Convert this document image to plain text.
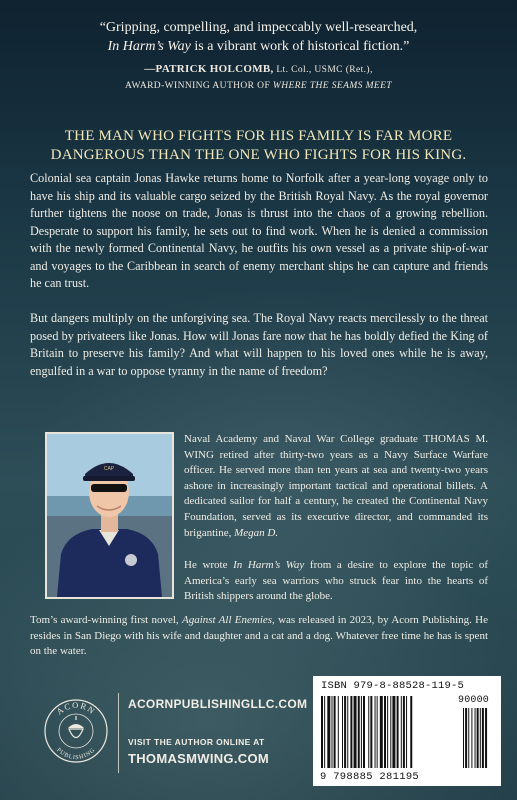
“Gripping, compelling, and impeccably well-researched,
In Harm’s Way is a vibrant work of historical fiction.”
—PATRICK HOLCOMB, Lt. Col., USMC (Ret.),
AWARD-WINNING AUTHOR OF WHERE THE SEAMS MEET
THE MAN WHO FIGHTS FOR HIS FAMILY IS FAR MORE
DANGEROUS THAN THE ONE WHO FIGHTS FOR HIS KING.
Colonial sea captain Jonas Hawke returns home to Norfolk after a year-long voyage only to have his ship and its valuable cargo seized by the British Royal Navy. As the royal governor further tightens the noose on trade, Jonas is thrust into the chaos of a growing rebellion. Desperate to support his family, he sets out to find work. When he is denied a commission with the newly formed Continental Navy, he outfits his own vessel as a private ship-of-war and voyages to the Caribbean in search of enemy merchant ships he can capture and friends he can trust.
But dangers multiply on the unforgiving sea. The Royal Navy reacts mercilessly to the threat posed by privateers like Jonas. How will Jonas fare now that he has boldly defied the King of Britain to preserve his family? And what will happen to his loved ones while he is away, engulfed in a war to oppose tyranny in the name of freedom?
CAP
Naval Academy and Naval War College graduate THOMAS M. WING retired after thirty-two years as a Navy Surface Warfare officer. He served more than ten years at sea and twenty-two years ashore in increasingly important tactical and operational billets. A dedicated sailor for half a century, he created the Continental Navy Foundation, served as its executive director, and commanded its brigantine, Megan D.
He wrote In Harm’s Way from a desire to explore the topic of America’s early sea warriors who struck fear into the hearts of British shippers around the globe.
Tom’s award-winning first novel, Against All Enemies, was released in 2023, by Acorn Publishing. He resides in San Diego with his wife and daughter and a cat and a dog. Whatever free time he has is spent on the water.
ACORN
PUBLISHING
ACORNPUBLISHINGLLC.COM
VISIT THE AUTHOR ONLINE AT
THOMASMWING.COM
ISBN 979-8-88528-119-5
90000
9 798885 281195
